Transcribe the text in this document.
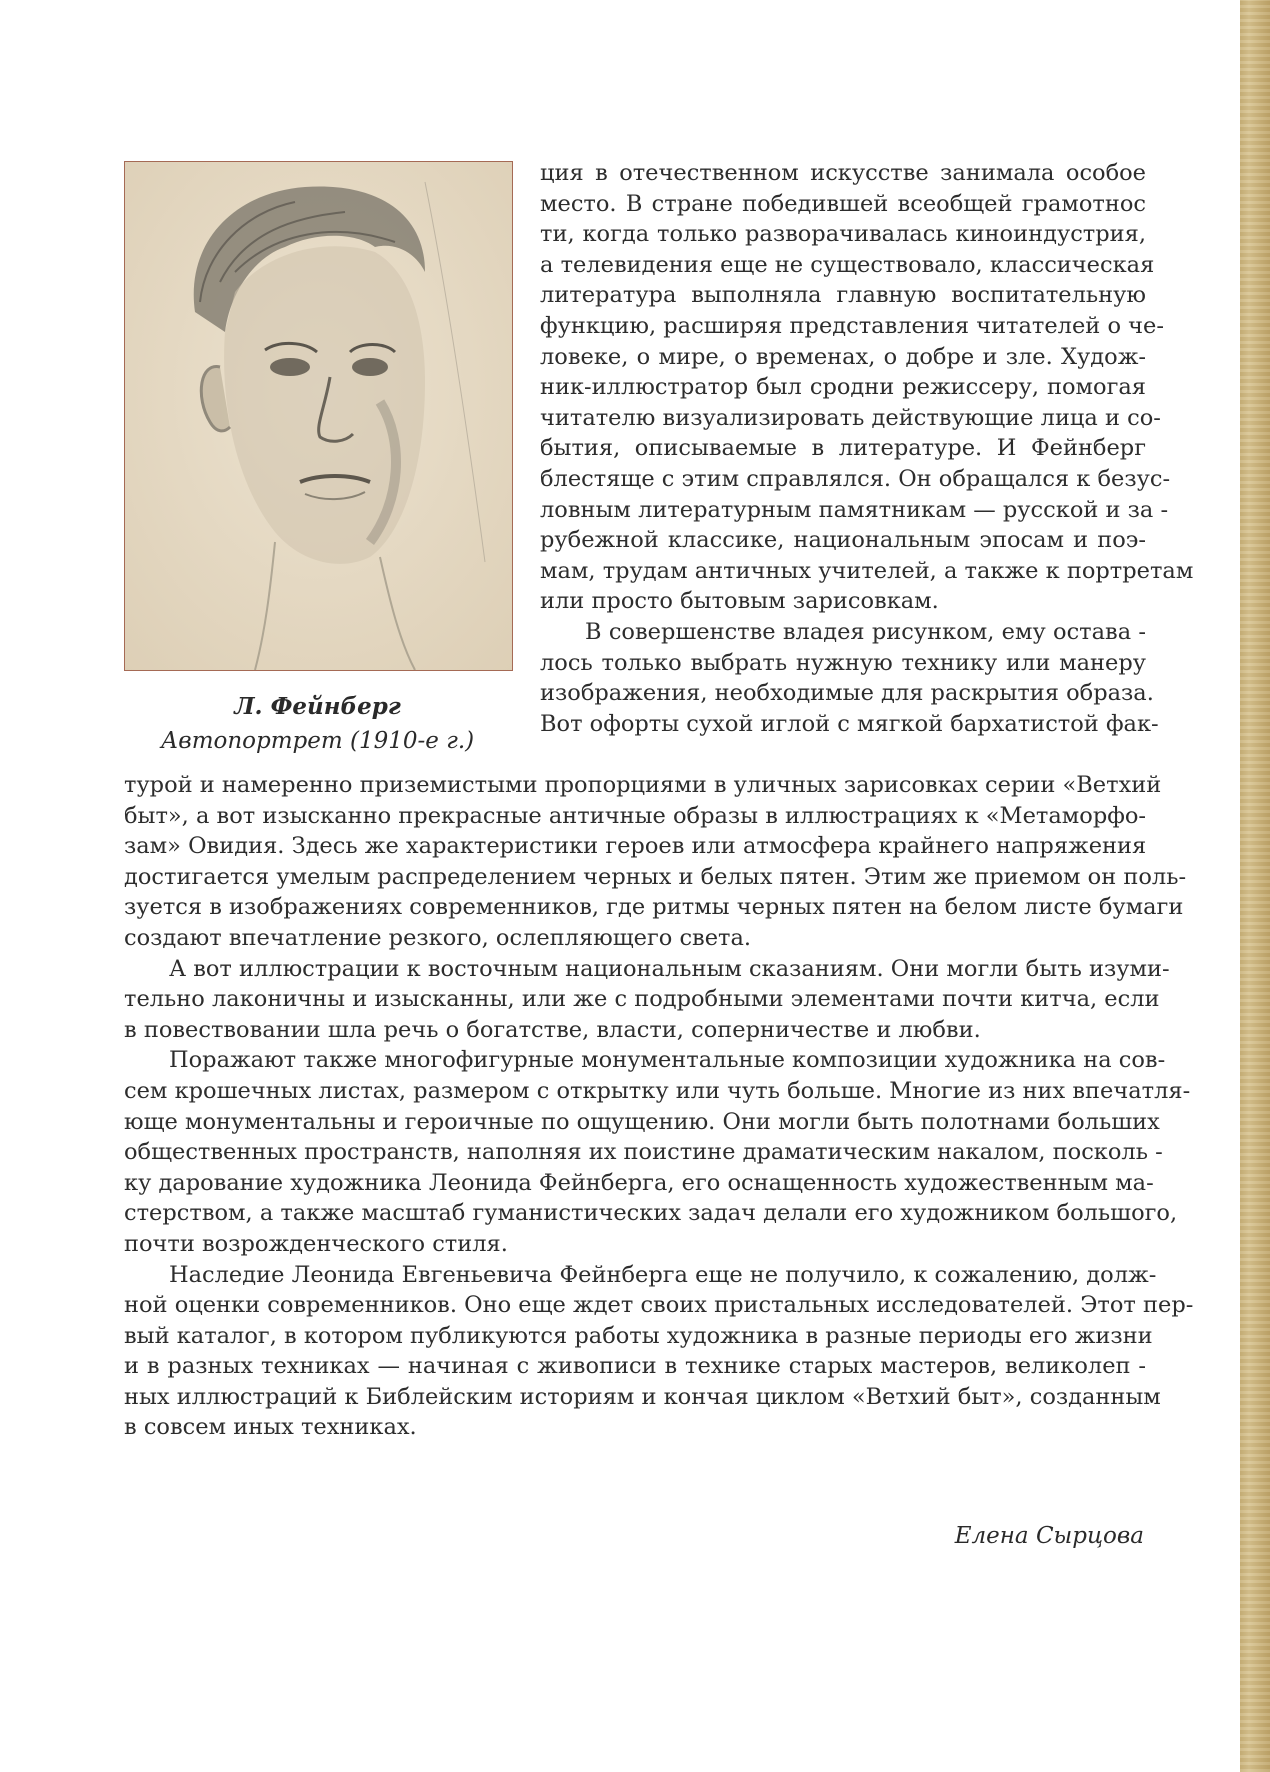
Л. Фейнберг
Автопортрет (1910-е г.)
ция в отечественном искусстве занимала особое
место. В стране победившей всеобщей грамотнос
ти, когда только разворачивалась киноиндустрия,
а телевидения еще не существовало, классическая
литература выполняла главную воспитательную
функцию, расширяя представления читателей о че-
ловеке, о мире, о временах, о добре и зле. Худож-
ник-иллюстратор был сродни режиссеру, помогая
читателю визуализировать действующие лица и со-
бытия, описываемые в литературе. И Фейнберг
блестяще с этим справлялся. Он обращался к безус-
ловным литературным памятникам — русской и за -
рубежной классике, национальным эпосам и поэ-
мам, трудам античных учителей, а также к портретам
или просто бытовым зарисовкам.
В совершенстве владея рисунком, ему остава -
лось только выбрать нужную технику или манеру
изображения, необходимые для раскрытия образа.
Вот офорты сухой иглой с мягкой бархатистой фак-
турой и намеренно приземистыми пропорциями в уличных зарисовках серии «Ветхий
быт», а вот изысканно прекрасные античные образы в иллюстрациях к «Метаморфо-
зам» Овидия. Здесь же характеристики героев или атмосфера крайнего напряжения
достигается умелым распределением черных и белых пятен. Этим же приемом он поль-
зуется в изображениях современников, где ритмы черных пятен на белом листе бумаги
создают впечатление резкого, ослепляющего света.
А вот иллюстрации к восточным национальным сказаниям. Они могли быть изуми-
тельно лаконичны и изысканны, или же с подробными элементами почти китча, если
в повествовании шла речь о богатстве, власти, соперничестве и любви.
Поражают также многофигурные монументальные композиции художника на сов-
сем крошечных листах, размером с открытку или чуть больше. Многие из них впечатля-
юще монументальны и героичные по ощущению. Они могли быть полотнами больших
общественных пространств, наполняя их поистине драматическим накалом, посколь -
ку дарование художника Леонида Фейнберга, его оснащенность художественным ма-
стерством, а также масштаб гуманистических задач делали его художником большого,
почти возрожденческого стиля.
Наследие Леонида Евгеньевича Фейнберга еще не получило, к сожалению, долж-
ной оценки современников. Оно еще ждет своих пристальных исследователей. Этот пер-
вый каталог, в котором публикуются работы художника в разные периоды его жизни
и в разных техниках — начиная с живописи в технике старых мастеров, великолеп -
ных иллюстраций к Библейским историям и кончая циклом «Ветхий быт», созданным
в совсем иных техниках.
Елена Сырцова
